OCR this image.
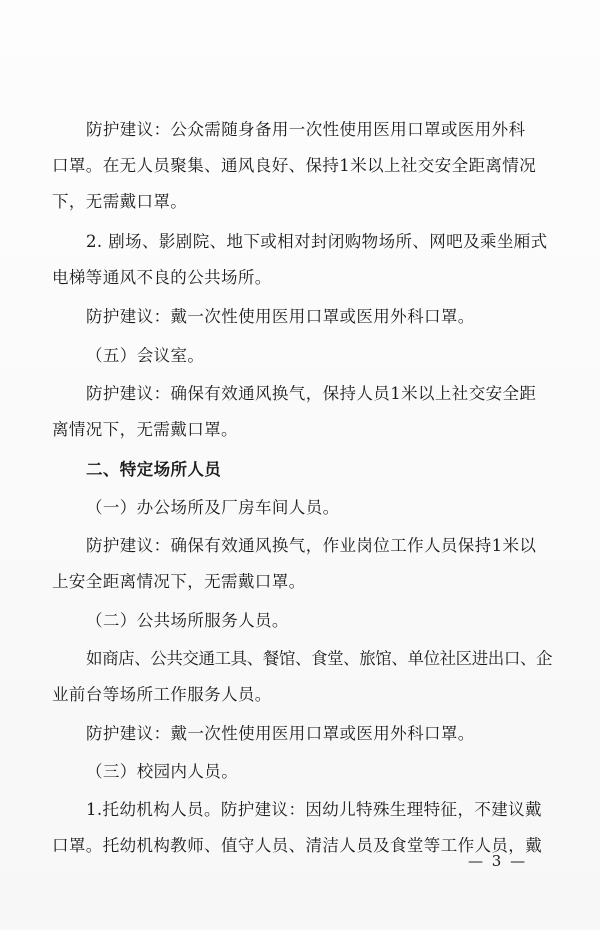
防护建议：公众需随身备用一次性使用医用口罩或医用外科
口罩。在无人员聚集、通风良好、保持1米以上社交安全距离情况
下，无需戴口罩。
2. 剧场、影剧院、地下或相对封闭购物场所、网吧及乘坐厢式
电梯等通风不良的公共场所。
防护建议：戴一次性使用医用口罩或医用外科口罩。
（五）会议室。
防护建议：确保有效通风换气，保持人员1米以上社交安全距
离情况下，无需戴口罩。
二、特定场所人员
（一）办公场所及厂房车间人员。
防护建议：确保有效通风换气，作业岗位工作人员保持1米以
上安全距离情况下，无需戴口罩。
（二）公共场所服务人员。
如商店、公共交通工具、餐馆、食堂、旅馆、单位社区进出口、企
业前台等场所工作服务人员。
防护建议：戴一次性使用医用口罩或医用外科口罩。
（三）校园内人员。
1.托幼机构人员。防护建议：因幼儿特殊生理特征，不建议戴
口罩。托幼机构教师、值守人员、清洁人员及食堂等工作人员，戴
— 3 —
